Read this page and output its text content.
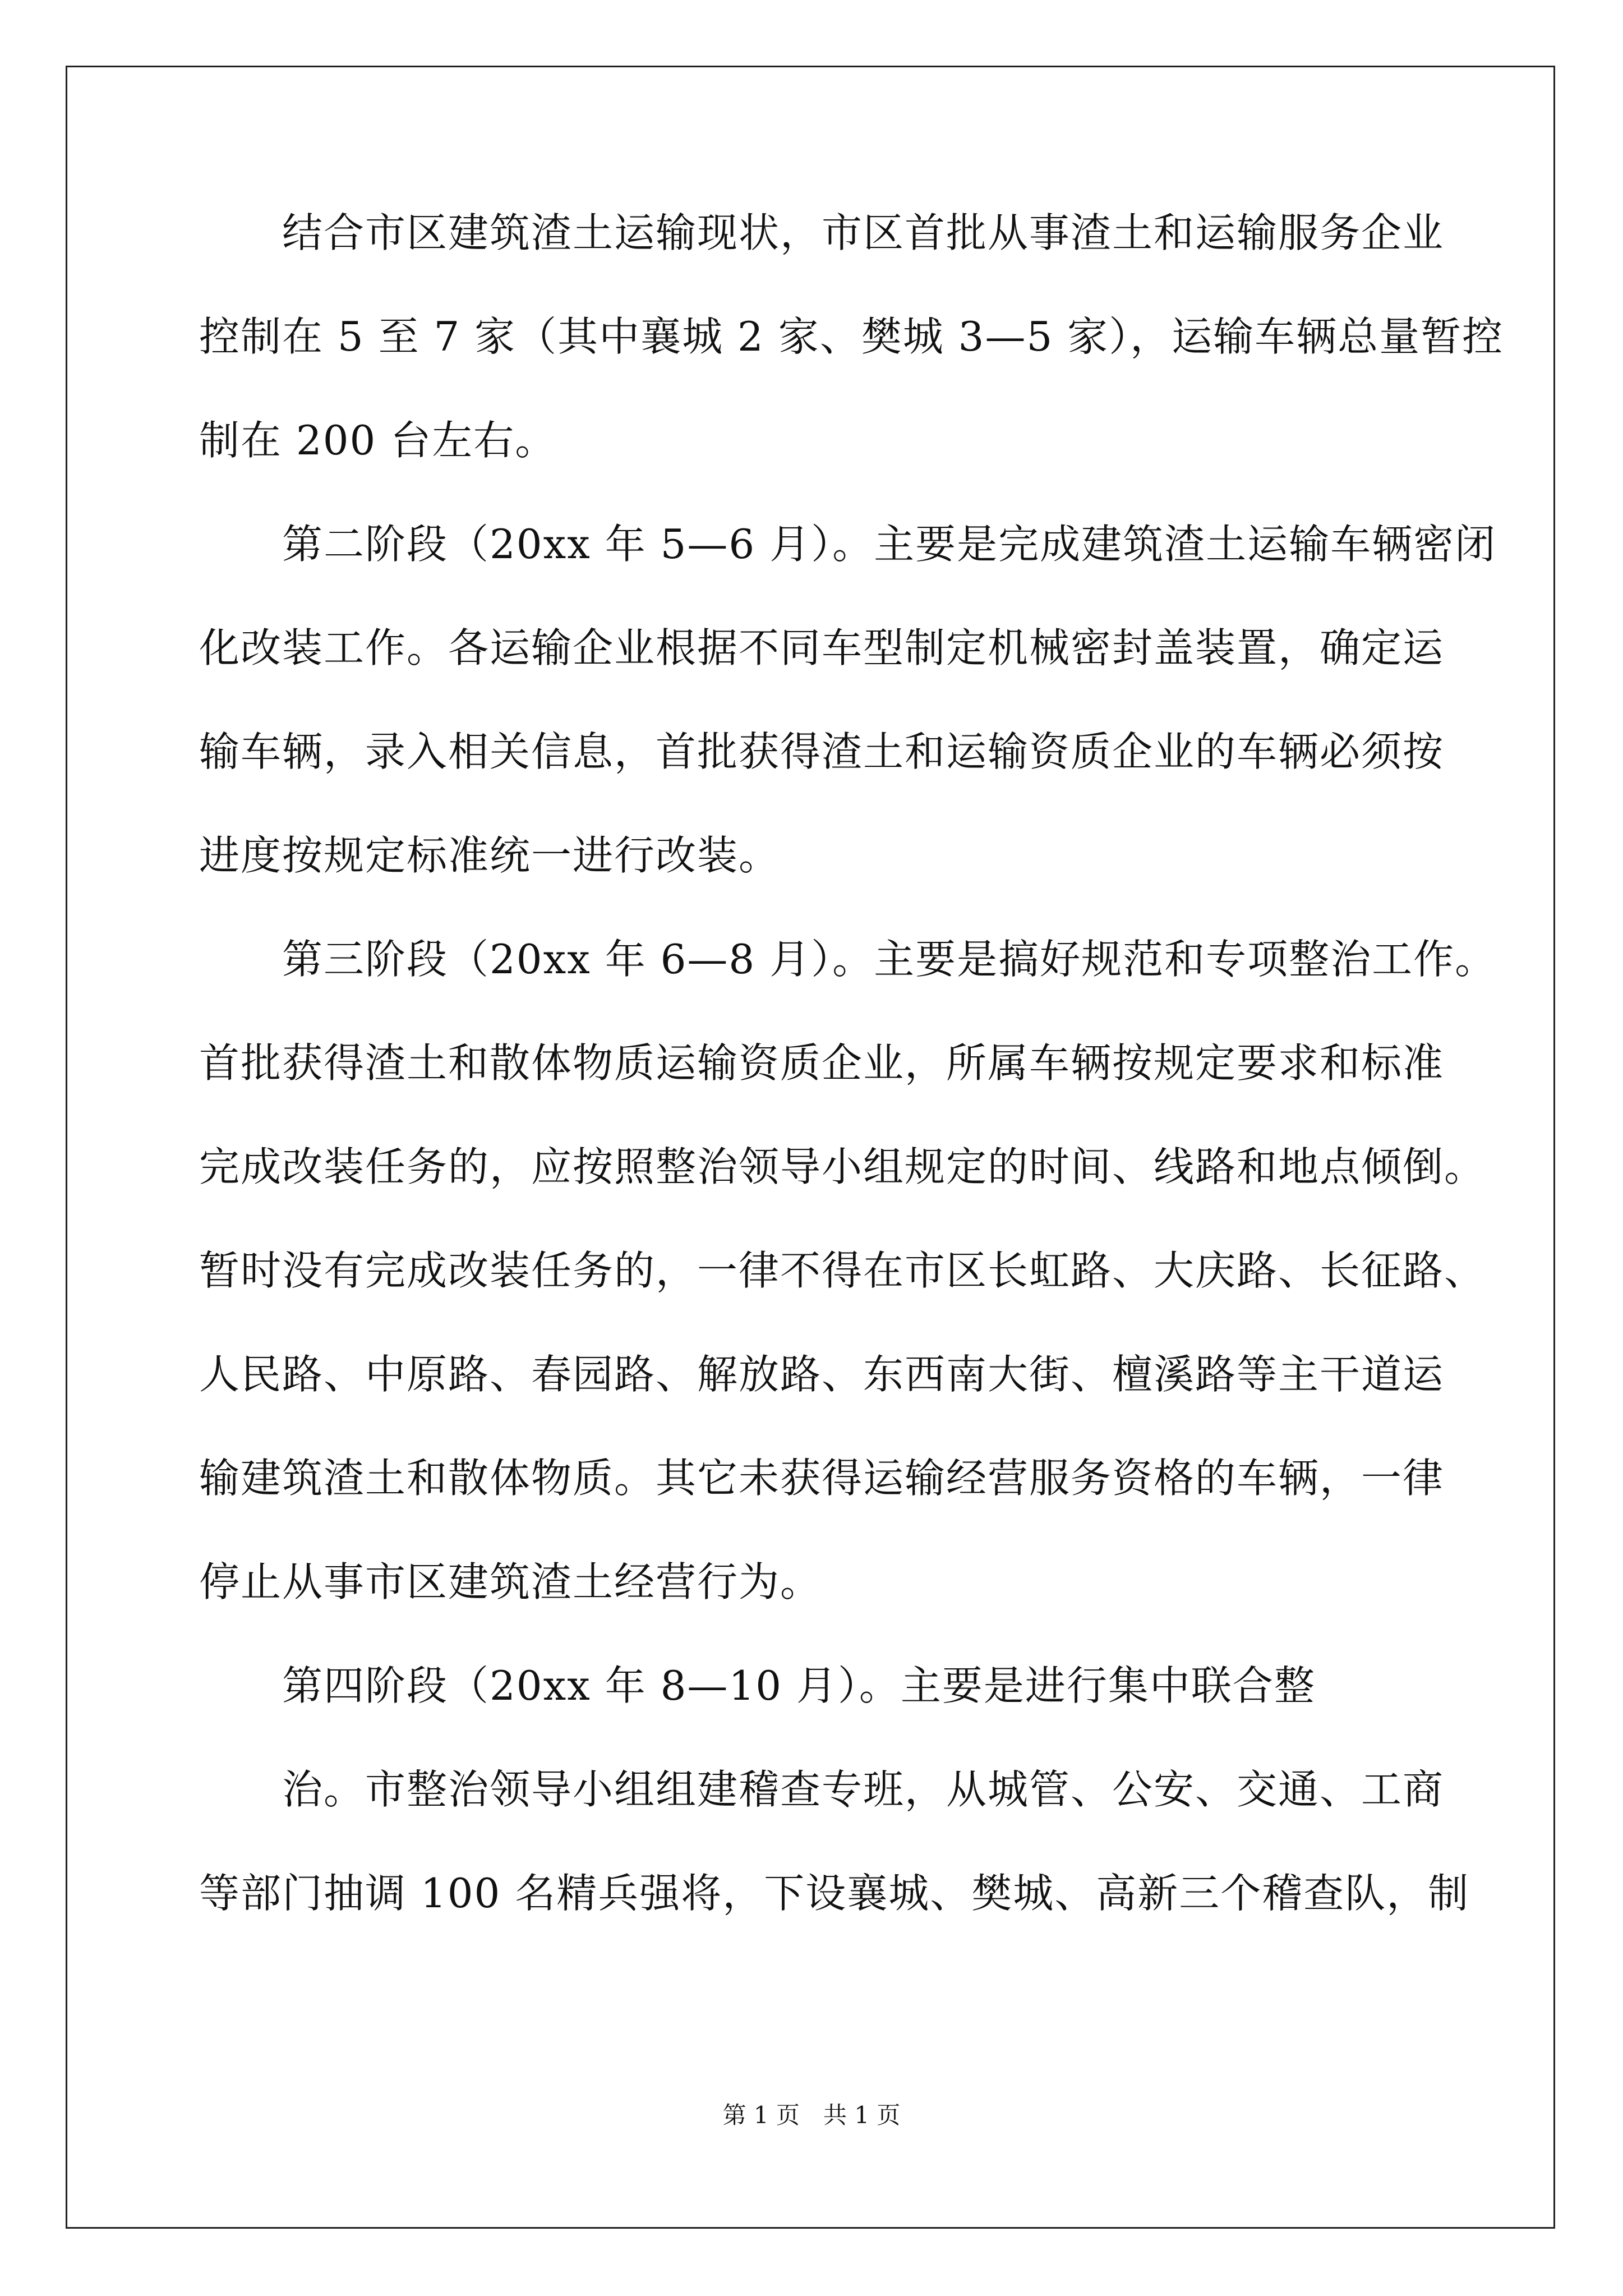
　　结合市区建筑渣土运输现状，市区首批从事渣土和运输服务企业
控制在 5 至 7 家（其中襄城 2 家、樊城 3—5 家），运输车辆总量暂控
制在 200 台左右。
　　第二阶段（20xx 年 5—6 月）。主要是完成建筑渣土运输车辆密闭
化改装工作。各运输企业根据不同车型制定机械密封盖装置，确定运
输车辆，录入相关信息，首批获得渣土和运输资质企业的车辆必须按
进度按规定标准统一进行改装。
　　第三阶段（20xx 年 6—8 月）。主要是搞好规范和专项整治工作。
首批获得渣土和散体物质运输资质企业，所属车辆按规定要求和标准
完成改装任务的，应按照整治领导小组规定的时间、线路和地点倾倒。
暂时没有完成改装任务的，一律不得在市区长虹路、大庆路、长征路、
人民路、中原路、春园路、解放路、东西南大街、檀溪路等主干道运
输建筑渣土和散体物质。其它未获得运输经营服务资格的车辆，一律
停止从事市区建筑渣土经营行为。
　　第四阶段（20xx 年 8—10 月）。主要是进行集中联合整
　　治。市整治领导小组组建稽查专班，从城管、公安、交通、工商
等部门抽调 100 名精兵强将，下设襄城、樊城、高新三个稽查队，制
第 1 页　共 1 页
